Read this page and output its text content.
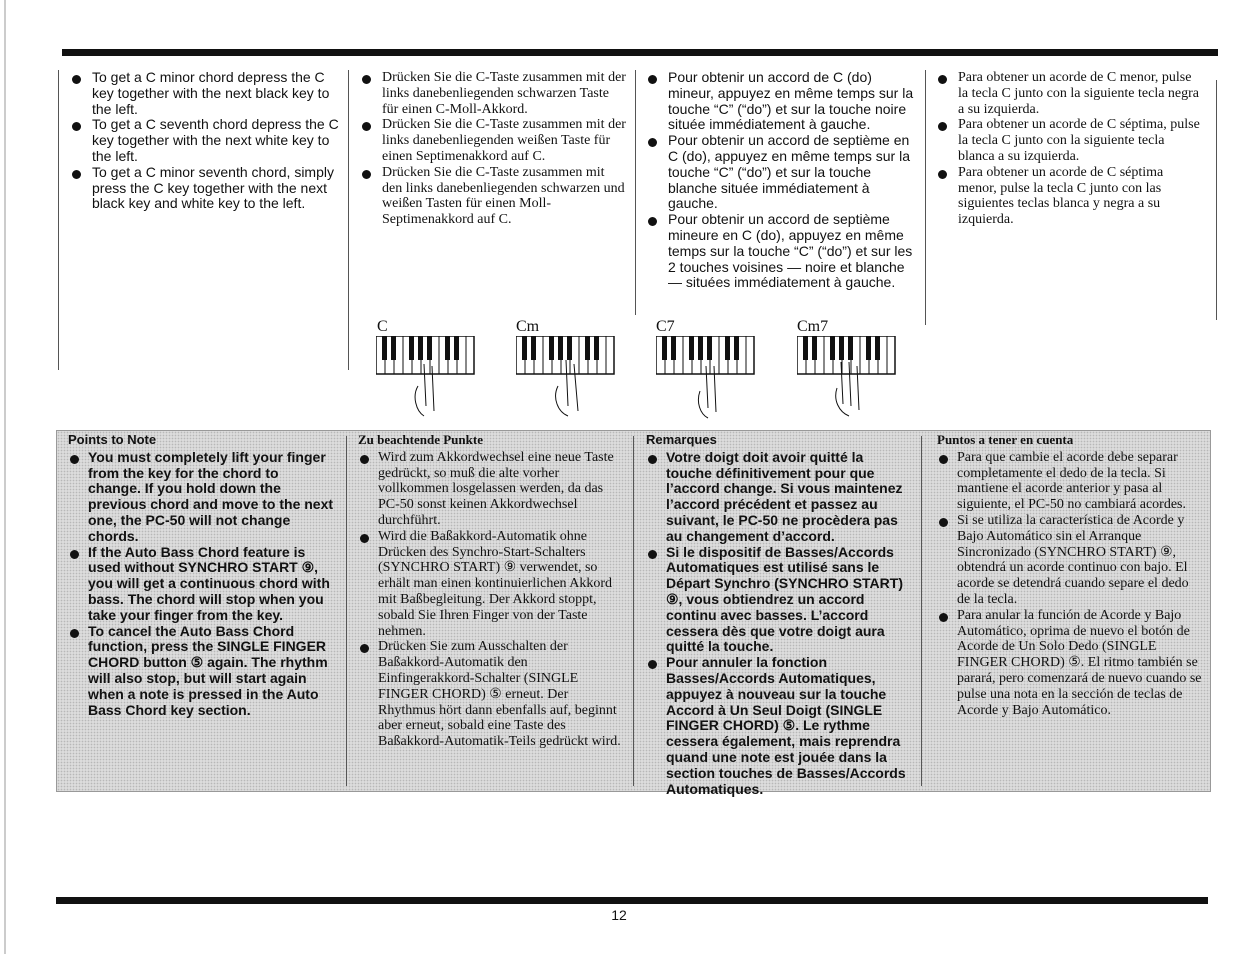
To get a C minor chord depress the C key together with the next black key to the left.
To get a C seventh chord depress the C key together with the next white key to the left.
To get a C minor seventh chord, simply press the C key together with the next black key and white key to the left.
Drücken Sie die C-Taste zusammen mit der links danebenliegenden schwarzen Taste für einen C-Moll-Akkord.
Drücken Sie die C-Taste zusammen mit der links danebenliegenden weißen Taste für einen Septimenakkord auf C.
Drücken Sie die C-Taste zusammen mit den links danebenliegenden schwarzen und weißen Tasten für einen Moll-Septimenakkord auf C.
Pour obtenir un accord de C (do) mineur, appuyez en même temps sur la touche “C” (“do”) et sur la touche noire située immédiatement à gauche.
Pour obtenir un accord de septième en C (do), appuyez en même temps sur la touche “C” (“do”) et sur la touche blanche située immédiatement à gauche.
Pour obtenir un accord de septième mineure en C (do), appuyez en même temps sur la touche “C” (“do”) et sur les 2 touches voisines — noire et blanche — situées immédiatement à gauche.
Para obtener un acorde de C menor, pulse la tecla C junto con la siguiente tecla negra a su izquierda.
Para obtener un acorde de C séptima, pulse la tecla C junto con la siguiente tecla blanca a su izquierda.
Para obtener un acorde de C séptima menor, pulse la tecla C junto con las siguientes teclas blanca y negra a su izquierda.
C	Cm	C7	Cm7
Points to Note
You must completely lift your finger from the key for the chord to change. If you hold down the previous chord and move to the next one, the PC-50 will not change chords.
If the Auto Bass Chord feature is used without SYNCHRO START ⑨, you will get a continuous chord with bass. The chord will stop when you take your finger from the key.
To cancel the Auto Bass Chord function, press the SINGLE FINGER CHORD button ⑤ again. The rhythm will also stop, but will start again when a note is pressed in the Auto Bass Chord key section.
Zu beachtende Punkte
Wird zum Akkordwechsel eine neue Taste gedrückt, so muß die alte vorher vollkommen losgelassen werden, da das PC-50 sonst keinen Akkordwechsel durchführt.
Wird die Baßakkord-Automatik ohne Drücken des Synchro-Start-Schalters (SYNCHRO START) ⑨ verwendet, so erhält man einen kontinuierlichen Akkord mit Baßbegleitung. Der Akkord stoppt, sobald Sie Ihren Finger von der Taste nehmen.
Drücken Sie zum Ausschalten der Baßakkord-Automatik den Einfingerakkord-Schalter (SINGLE FINGER CHORD) ⑤ erneut. Der Rhythmus hört dann ebenfalls auf, beginnt aber erneut, sobald eine Taste des Baßakkord-Automatik-Teils gedrückt wird.
Remarques
Votre doigt doit avoir quitté la touche définitivement pour que l’accord change. Si vous maintenez l’accord précédent et passez au suivant, le PC-50 ne procèdera pas au changement d’accord.
Si le dispositif de Basses/Accords Automatiques est utilisé sans le Départ Synchro (SYNCHRO START) ⑨, vous obtiendrez un accord continu avec basses. L’accord cessera dès que votre doigt aura quitté la touche.
Pour annuler la fonction Basses/Accords Automatiques, appuyez à nouveau sur la touche Accord à Un Seul Doigt (SINGLE FINGER CHORD) ⑤. Le rythme cessera également, mais reprendra quand une note est jouée dans la section touches de Basses/Accords Automatiques.
Puntos a tener en cuenta
Para que cambie el acorde debe separar completamente el dedo de la tecla. Si mantiene el acorde anterior y pasa al siguiente, el PC-50 no cambiará acordes.
Si se utiliza la característica de Acorde y Bajo Automático sin el Arranque Sincronizado (SYNCHRO START) ⑨, obtendrá un acorde continuo con bajo. El acorde se detendrá cuando separe el dedo de la tecla.
Para anular la función de Acorde y Bajo Automático, oprima de nuevo el botón de Acorde de Un Solo Dedo (SINGLE FINGER CHORD) ⑤. El ritmo también se parará, pero comenzará de nuevo cuando se pulse una nota en la sección de teclas de Acorde y Bajo Automático.
12
